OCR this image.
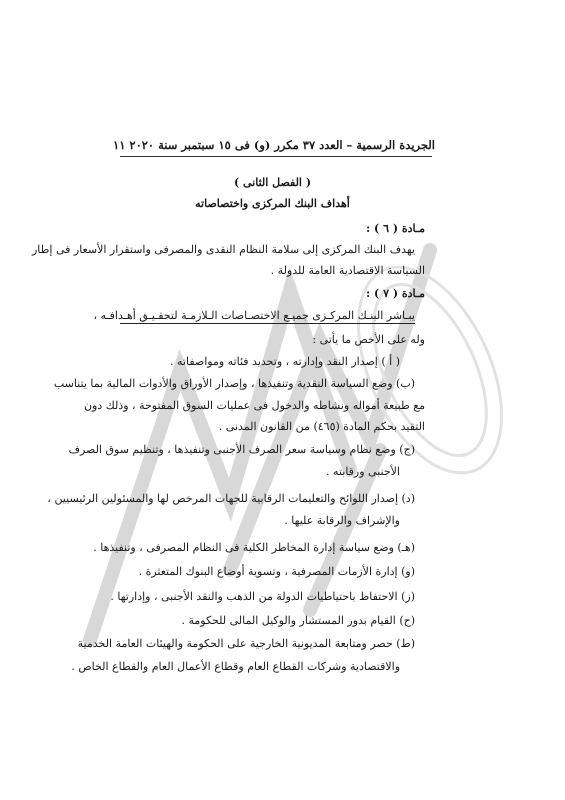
الجريدة الرسمية – العدد ٣٧ مكرر (و) فى ١٥ سبتمبر سنة ٢٠٢٠ ١١
( الفصل الثانى )
أهداف البنك المركزى واختصاصاته
مـادة ( ٦ ) :
يهدف البنك المركزى إلى سلامة النظام النقدى والمصرفى واستقرار الأسعار فى إطار
السياسة الاقتصادية العامة للدولة .
مـادة ( ٧ ) :
يبـاشر البنـك المركـزى جميـع الاختصـاصات الـلازمـة لتحقـيـق أهـدافـه ،
وله على الأخص ما يأتى :
( أ ) إصدار النقد وإدارته ، وتحديد فئاته ومواصفاته .
(ب) وضع السياسة النقدية وتنفيذها ، وإصدار الأوراق والأدوات المالية بما يتناسب
مع طبيعة أمواله ونشاطه والدخول فى عمليات السوق المفتوحة ، وذلك دون
التقيد بحكم المادة (٤٦٥) من القانون المدنى .
(ج) وضع نظام وسياسة سعر الصرف الأجنبى وتنفيذها ، وتنظيم سوق الصرف
الأجنبى ورقابته .
(د) إصدار اللوائح والتعليمات الرقابية للجهات المرخص لها والمسئولين الرئيسيين ،
والإشراف والرقابة عليها .
(هـ) وضع سياسة إدارة المخاطر الكلية فى النظام المصرفى ، وتنفيذها .
(و) إدارة الأزمات المصرفية ، وتسوية أوضاع البنوك المتعثرة .
(ز) الاحتفاظ باحتياطيات الدولة من الذهب والنقد الأجنبى ، وإدارتها .
(ح) القيام بدور المستشار والوكيل المالى للحكومة .
(ط) حصر ومتابعة المديونية الخارجية على الحكومة والهيئات العامة الخدمية
والاقتصادية وشركات القطاع العام وقطاع الأعمال العام والقطاع الخاص .
